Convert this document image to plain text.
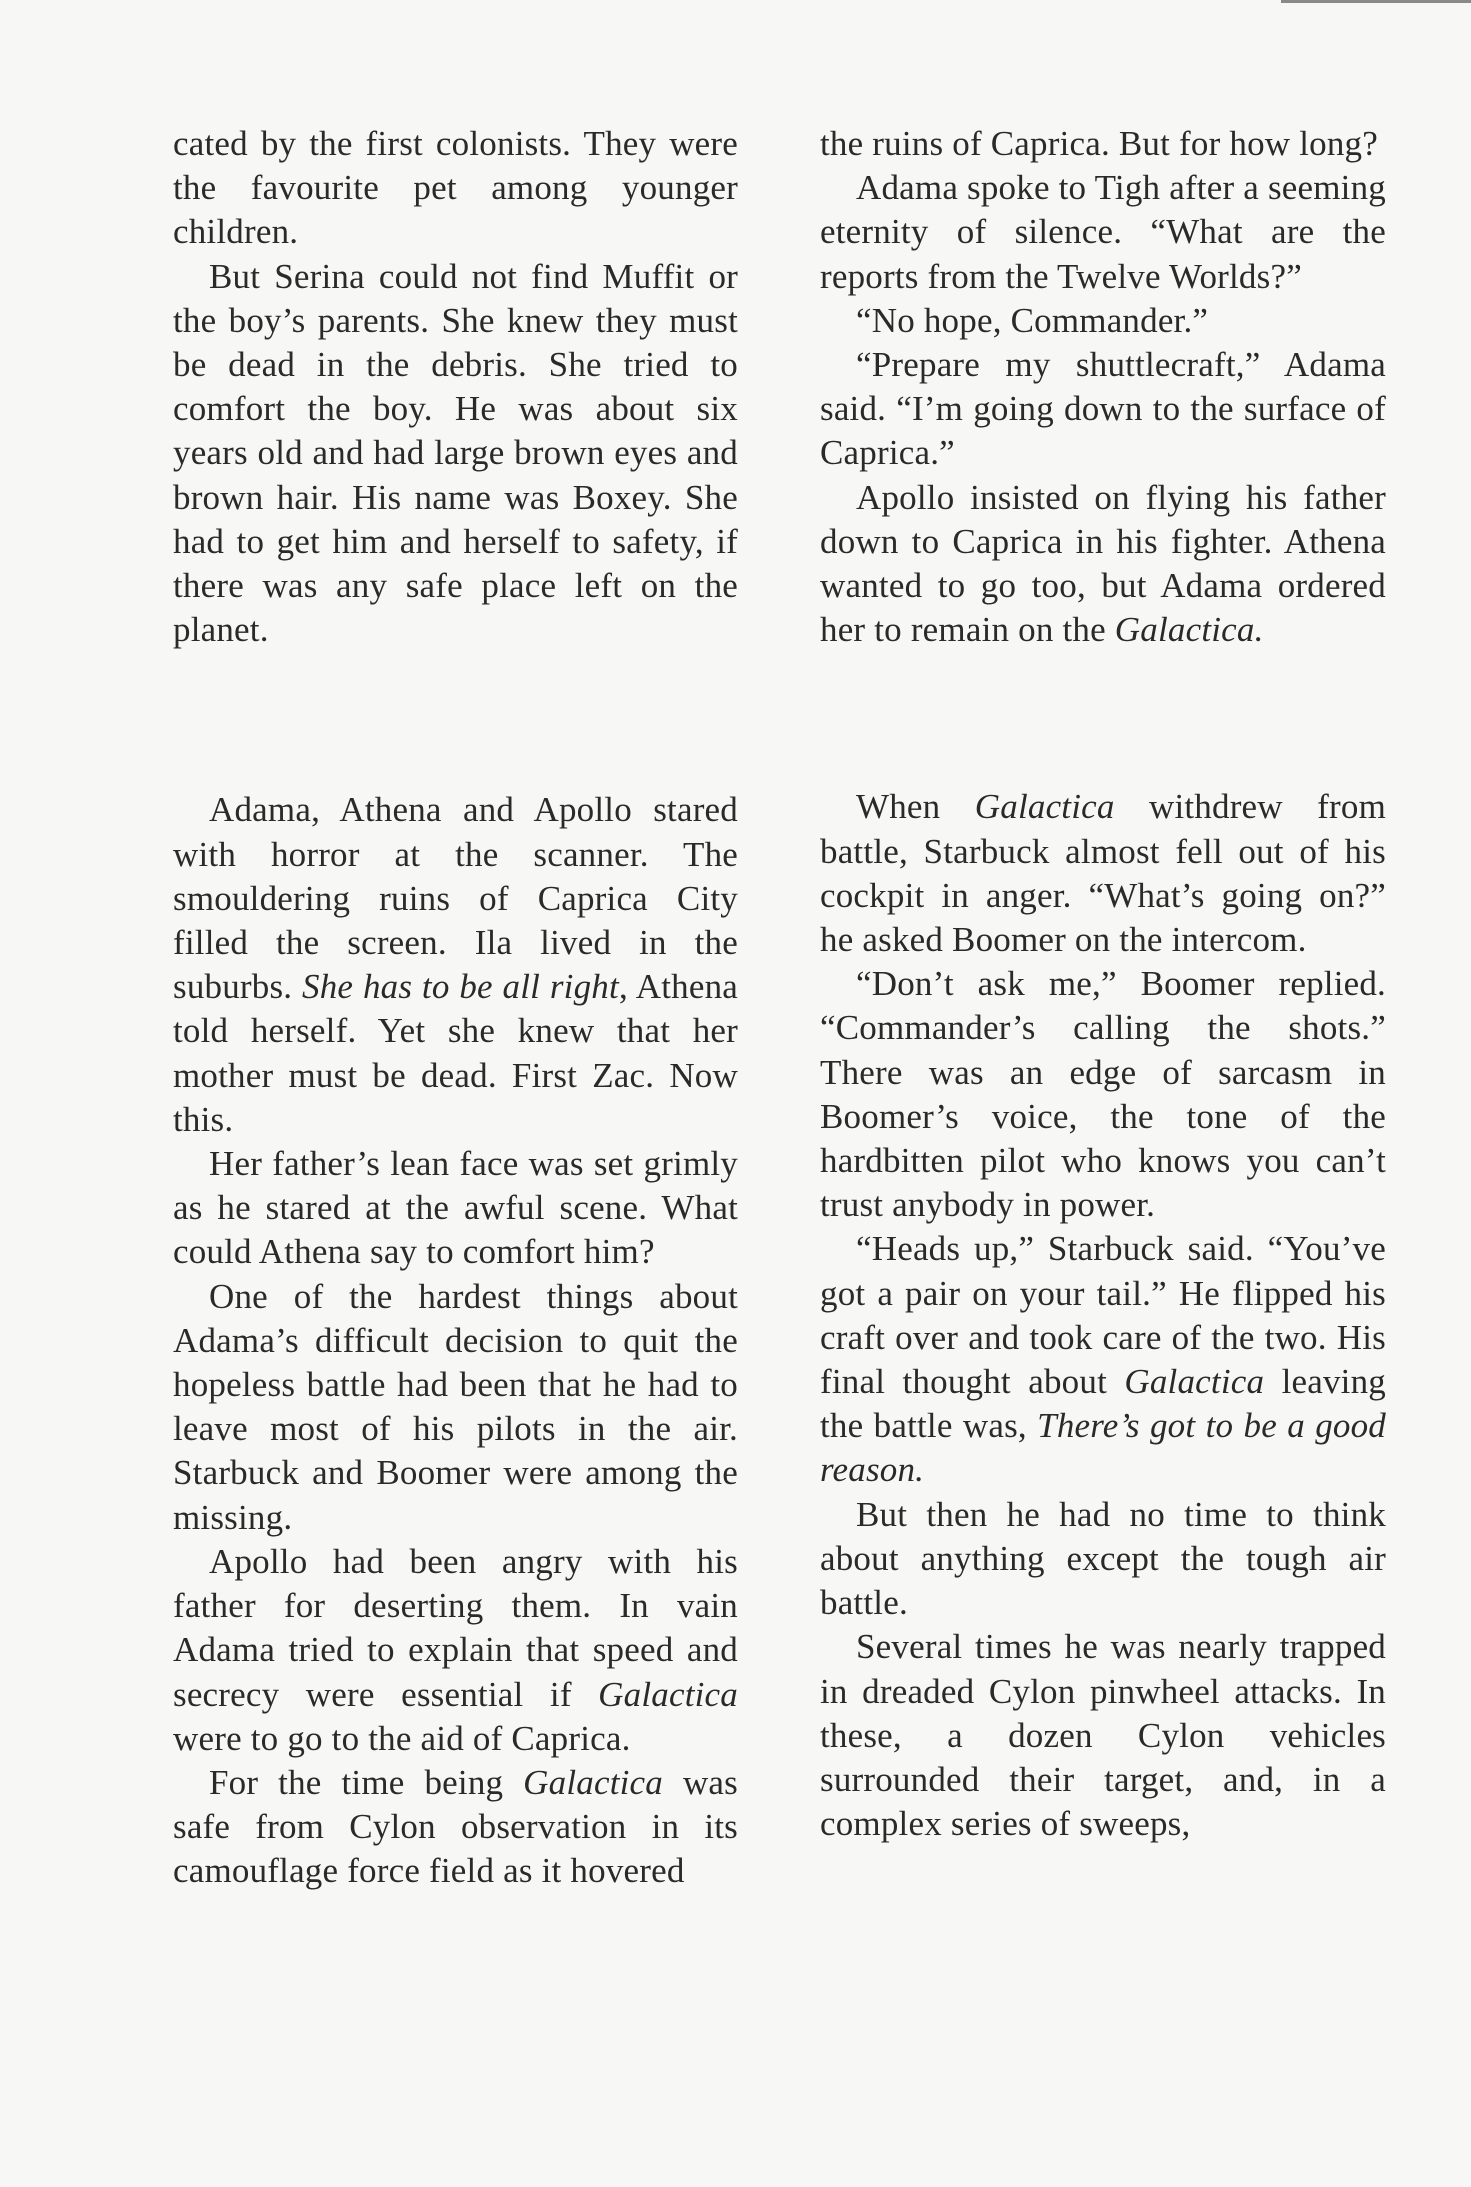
cated by the first colonists. They were the favourite pet among younger children.

But Serina could not find Muffit or the boy’s parents. She knew they must be dead in the debris. She tried to comfort the boy. He was about six years old and had large brown eyes and brown hair. His name was Boxey. She had to get him and herself to safety, if there was any safe place left on the planet.

Adama, Athena and Apollo stared with horror at the scanner. The smouldering ruins of Caprica City filled the screen. Ila lived in the suburbs. She has to be all right, Athena told herself. Yet she knew that her mother must be dead. First Zac. Now this.

Her father’s lean face was set grimly as he stared at the awful scene. What could Athena say to comfort him?

One of the hardest things about Adama’s difficult decision to quit the hopeless battle had been that he had to leave most of his pilots in the air. Starbuck and Boomer were among the missing.

Apollo had been angry with his father for deserting them. In vain Adama tried to explain that speed and secrecy were essential if Galactica were to go to the aid of Caprica.

For the time being Galactica was safe from Cylon observation in its camouflage force field as it hovered

the ruins of Caprica. But for how long?

Adama spoke to Tigh after a seeming eternity of silence. “What are the reports from the Twelve Worlds?”

“No hope, Commander.”

“Prepare my shuttlecraft,” Adama said. “I’m going down to the surface of Caprica.”

Apollo insisted on flying his father down to Caprica in his fighter. Athena wanted to go too, but Adama ordered her to remain on the Galactica.

When Galactica withdrew from battle, Starbuck almost fell out of his cockpit in anger. “What’s going on?” he asked Boomer on the intercom.

“Don’t ask me,” Boomer replied. “Commander’s calling the shots.” There was an edge of sarcasm in Boomer’s voice, the tone of the hardbitten pilot who knows you can’t trust anybody in power.

“Heads up,” Starbuck said. “You’ve got a pair on your tail.” He flipped his craft over and took care of the two. His final thought about Galactica leaving the battle was, There’s got to be a good reason.

But then he had no time to think about anything except the tough air battle.

Several times he was nearly trapped in dreaded Cylon pinwheel attacks. In these, a dozen Cylon vehicles surrounded their target, and, in a complex series of sweeps,
